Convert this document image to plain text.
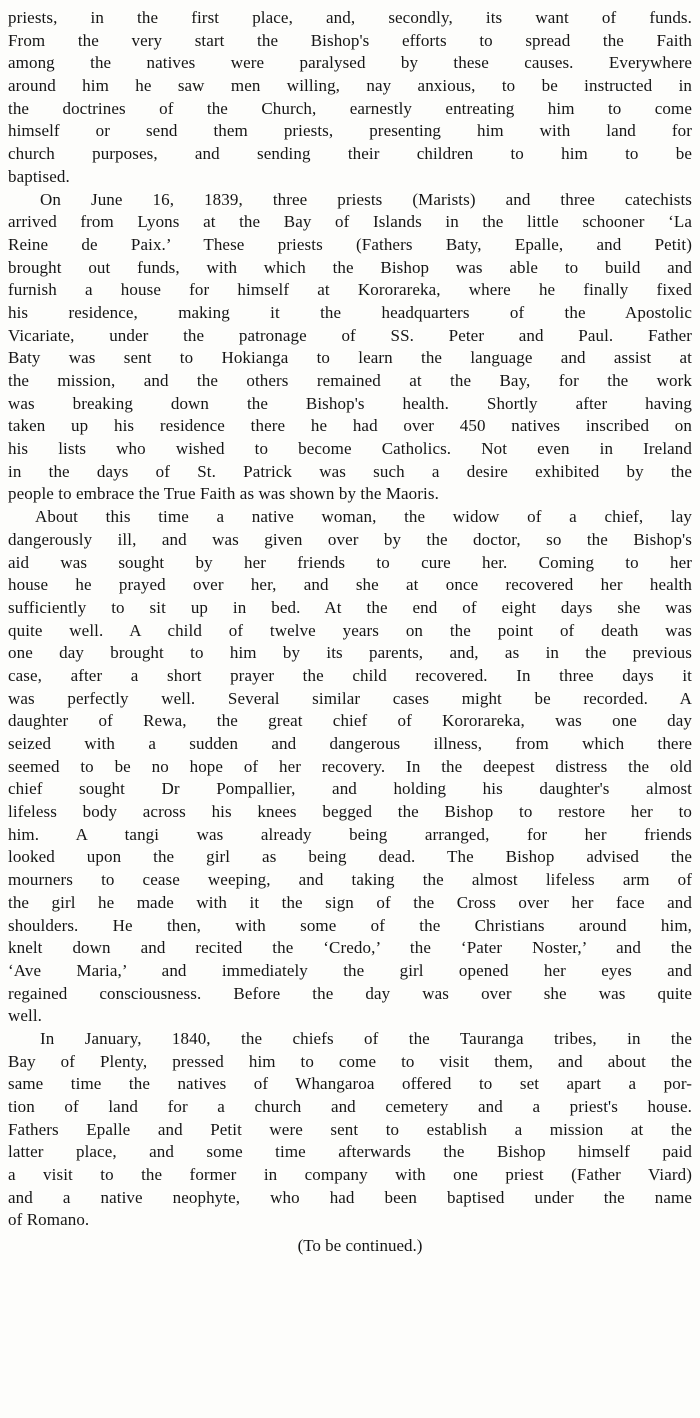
priests, in the first place, and, secondly, its want of funds.
From the very start the Bishop's efforts to spread the Faith
among the natives were paralysed by these causes. Everywhere
around him he saw men willing, nay anxious, to be instructed in
the doctrines of the Church, earnestly entreating him to come
himself or send them priests, presenting him with land for
church purposes, and sending their children to him to be
baptised.
On June 16, 1839, three priests (Marists) and three catechists
arrived from Lyons at the Bay of Islands in the little schooner ‘La
Reine de Paix.’ These priests (Fathers Baty, Epalle, and Petit)
brought out funds, with which the Bishop was able to build and
furnish a house for himself at Kororareka, where he finally fixed
his residence, making it the headquarters of the Apostolic
Vicariate, under the patronage of SS. Peter and Paul. Father
Baty was sent to Hokianga to learn the language and assist at
the mission, and the others remained at the Bay, for the work
was breaking down the Bishop's health. Shortly after having
taken up his residence there he had over 450 natives inscribed on
his lists who wished to become Catholics. Not even in Ireland
in the days of St. Patrick was such a desire exhibited by the
people to embrace the True Faith as was shown by the Maoris.
About this time a native woman, the widow of a chief, lay
dangerously ill, and was given over by the doctor, so the Bishop's
aid was sought by her friends to cure her. Coming to her
house he prayed over her, and she at once recovered her health
sufficiently to sit up in bed. At the end of eight days she was
quite well. A child of twelve years on the point of death was
one day brought to him by its parents, and, as in the previous
case, after a short prayer the child recovered. In three days it
was perfectly well. Several similar cases might be recorded. A
daughter of Rewa, the great chief of Kororareka, was one day
seized with a sudden and dangerous illness, from which there
seemed to be no hope of her recovery. In the deepest distress the old
chief sought Dr Pompallier, and holding his daughter's almost
lifeless body across his knees begged the Bishop to restore her to
him. A tangi was already being arranged, for her friends
looked upon the girl as being dead. The Bishop advised the
mourners to cease weeping, and taking the almost lifeless arm of
the girl he made with it the sign of the Cross over her face and
shoulders. He then, with some of the Christians around him,
knelt down and recited the ‘Credo,’ the ‘Pater Noster,’ and the
‘Ave Maria,’ and immediately the girl opened her eyes and
regained consciousness. Before the day was over she was quite
well.
In January, 1840, the chiefs of the Tauranga tribes, in the
Bay of Plenty, pressed him to come to visit them, and about the
same time the natives of Whangaroa offered to set apart a por-
tion of land for a church and cemetery and a priest's house.
Fathers Epalle and Petit were sent to establish a mission at the
latter place, and some time afterwards the Bishop himself paid
a visit to the former in company with one priest (Father Viard)
and a native neophyte, who had been baptised under the name
of Romano.
(To be continued.)
